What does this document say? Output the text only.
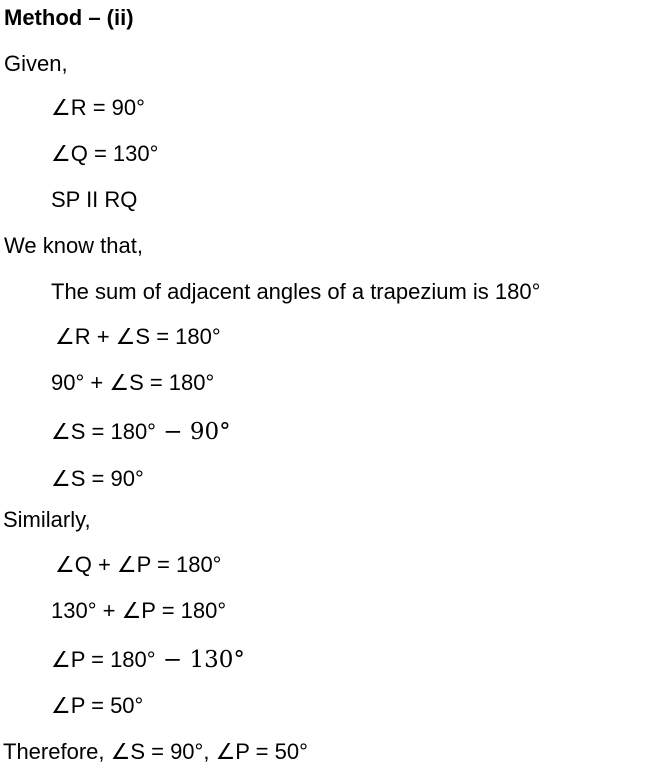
Method – (ii)
Given,
∠R = 90°
∠Q = 130°
SP II RQ
We know that,
The sum of adjacent angles of a trapezium is 180°
∠R + ∠S = 180°
90° + ∠S = 180°
∠S = 180° − 90°
∠S = 90°
Similarly,
∠Q + ∠P = 180°
130° + ∠P = 180°
∠P = 180° − 130°
∠P = 50°
Therefore, ∠S = 90°, ∠P = 50°
